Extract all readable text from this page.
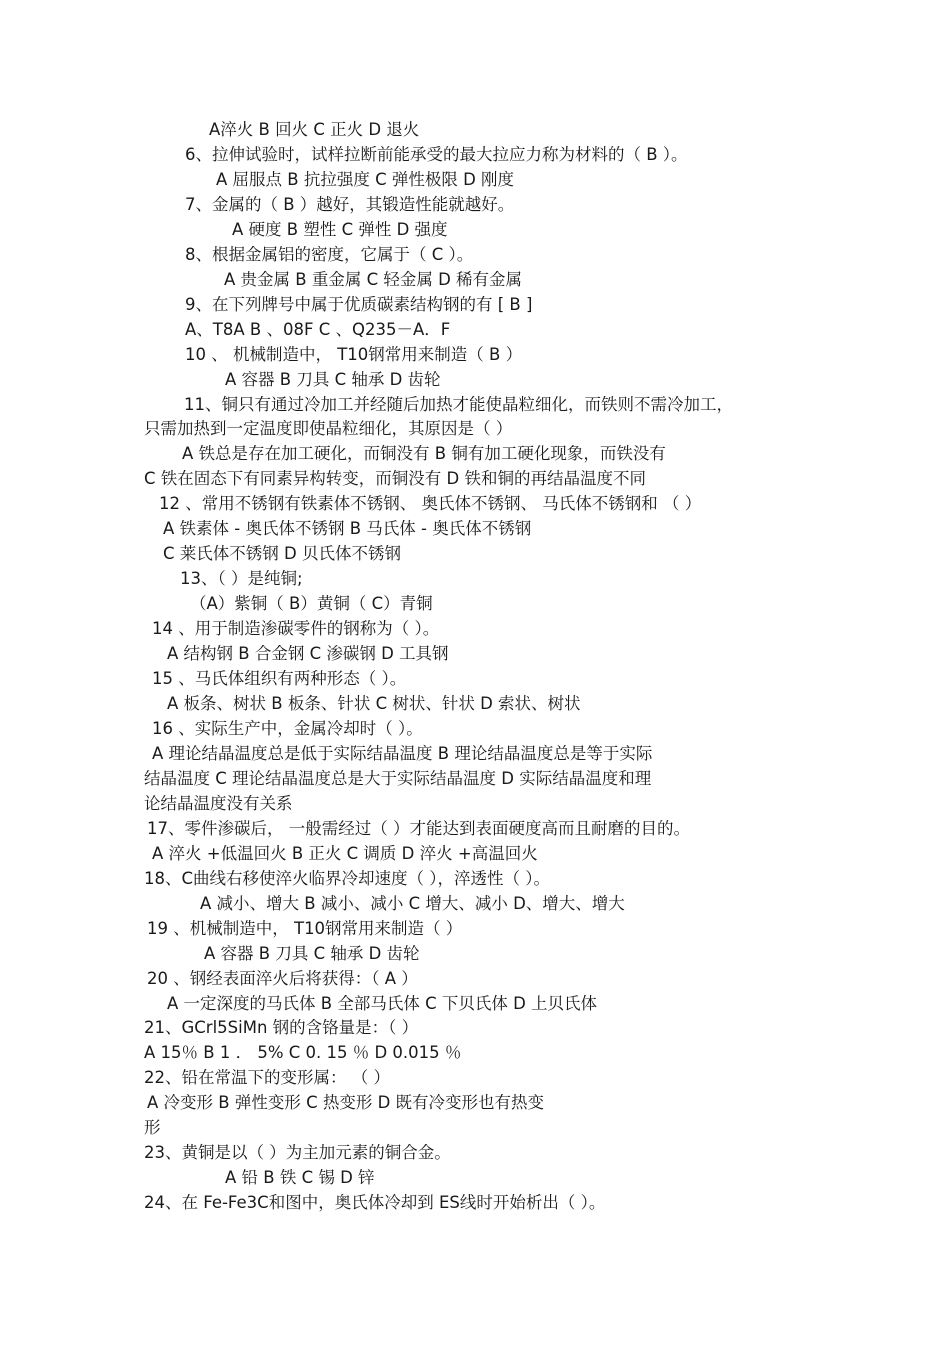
A淬火 B 回火 C 正火 D 退火
6、拉伸试验时，试样拉断前能承受的最大拉应力称为材料的（ B ）。
A 屈服点 B 抗拉强度 C 弹性极限 D 刚度
7、金属的（ B ）越好，其锻造性能就越好。
A 硬度 B 塑性 C 弹性 D 强度
8、根据金属铝的密度，它属于（ C ）。
A 贵金属 B 重金属 C 轻金属 D 稀有金属
9、在下列牌号中属于优质碳素结构钢的有 [ B ]
A、T8A B 、08F C 、Q235－A．F
10 、 机械制造中， T10钢常用来制造（ B ）
A 容器 B 刀具 C 轴承 D 齿轮
11、铜只有通过冷加工并经随后加热才能使晶粒细化，而铁则不需冷加工，
只需加热到一定温度即使晶粒细化，其原因是（ ）
A 铁总是存在加工硬化，而铜没有 B 铜有加工硬化现象，而铁没有
C 铁在固态下有同素异构转变，而铜没有 D 铁和铜的再结晶温度不同
12 、常用不锈钢有铁素体不锈钢、 奥氏体不锈钢、 马氏体不锈钢和 （ ）
A 铁素体 - 奥氏体不锈钢 B 马氏体 - 奥氏体不锈钢
C 莱氏体不锈钢 D 贝氏体不锈钢
13、（ ）是纯铜;
（A）紫铜（ B）黄铜（ C）青铜
14 、用于制造渗碳零件的钢称为（ ）。
A 结构钢 B 合金钢 C 渗碳钢 D 工具钢
15 、马氏体组织有两种形态（ ）。
A 板条、树状 B 板条、针状 C 树状、针状 D 索状、树状
16 、实际生产中，金属冷却时（ ）。
A 理论结晶温度总是低于实际结晶温度 B 理论结晶温度总是等于实际
结晶温度 C 理论结晶温度总是大于实际结晶温度 D 实际结晶温度和理
论结晶温度没有关系
17、零件渗碳后， 一般需经过（ ）才能达到表面硬度高而且耐磨的目的。
A 淬火 +低温回火 B 正火 C 调质 D 淬火 +高温回火
18、C曲线右移使淬火临界冷却速度（ ），淬透性（ ）。
A 减小、增大 B 减小、减小 C 增大、减小 D、增大、增大
19 、机械制造中， T10钢常用来制造（ ）
A 容器 B 刀具 C 轴承 D 齿轮
20 、钢经表面淬火后将获得：（ A ）
A 一定深度的马氏体 B 全部马氏体 C 下贝氏体 D 上贝氏体
21、GCrl5SiMn 钢的含铬量是：（ ）
A 15％ B 1 ． 5% C 0. 15 ％ D 0.015 ％
22、铅在常温下的变形属： （ ）
A 冷变形 B 弹性变形 C 热变形 D 既有冷变形也有热变
形
23、黄铜是以（ ）为主加元素的铜合金。
A 铅 B 铁 C 锡 D 锌
24、在 Fe-Fe3C和图中，奥氏体冷却到 ES线时开始析出（ ）。
